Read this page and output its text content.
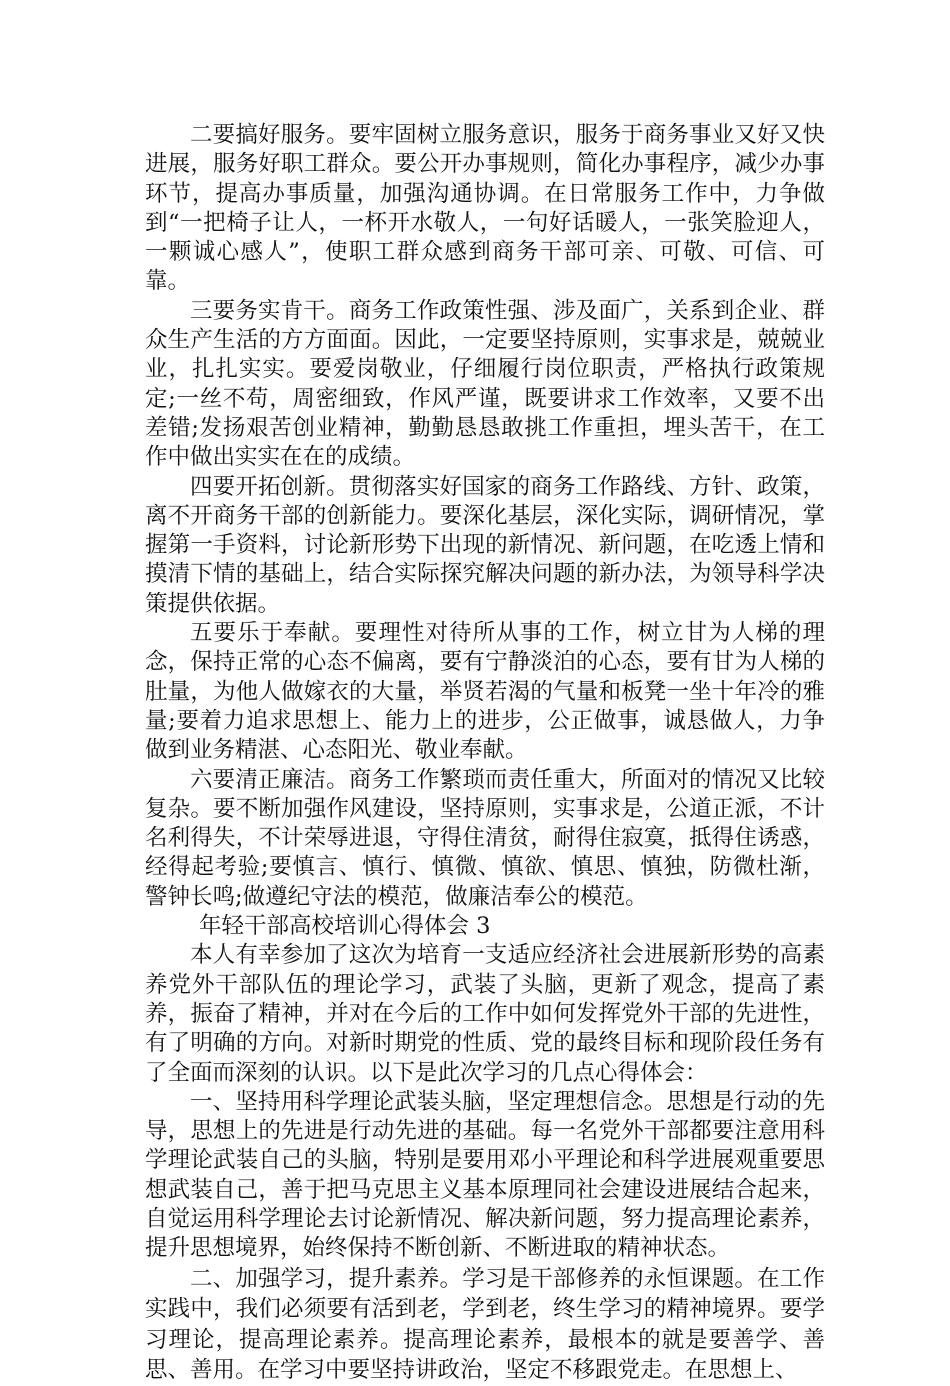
二要搞好服务。要牢固树立服务意识，服务于商务事业又好又快进展，服务好职工群众。要公开办事规则，简化办事程序，减少办事环节，提高办事质量，加强沟通协调。在日常服务工作中，力争做到“一把椅子让人，一杯开水敬人，一句好话暖人，一张笑脸迎人，一颗诚心感人”，使职工群众感到商务干部可亲、可敬、可信、可靠。

三要务实肯干。商务工作政策性强、涉及面广，关系到企业、群众生产生活的方方面面。因此，一定要坚持原则，实事求是，兢兢业业，扎扎实实。要爱岗敬业，仔细履行岗位职责，严格执行政策规定;一丝不苟，周密细致，作风严谨，既要讲求工作效率，又要不出差错;发扬艰苦创业精神，勤勤恳恳敢挑工作重担，埋头苦干，在工作中做出实实在在的成绩。

四要开拓创新。贯彻落实好国家的商务工作路线、方针、政策，离不开商务干部的创新能力。要深化基层，深化实际，调研情况，掌握第一手资料，讨论新形势下出现的新情况、新问题，在吃透上情和摸清下情的基础上，结合实际探究解决问题的新办法，为领导科学决策提供依据。

五要乐于奉献。要理性对待所从事的工作，树立甘为人梯的理念，保持正常的心态不偏离，要有宁静淡泊的心态，要有甘为人梯的肚量，为他人做嫁衣的大量，举贤若渴的气量和板凳一坐十年冷的雅量;要着力追求思想上、能力上的进步，公正做事，诚恳做人，力争做到业务精湛、心态阳光、敬业奉献。

六要清正廉洁。商务工作繁琐而责任重大，所面对的情况又比较复杂。要不断加强作风建设，坚持原则，实事求是，公道正派，不计名利得失，不计荣辱进退，守得住清贫，耐得住寂寞，抵得住诱惑，经得起考验;要慎言、慎行、慎微、慎欲、慎思、慎独，防微杜渐，警钟长鸣;做遵纪守法的模范，做廉洁奉公的模范。

年轻干部高校培训心得体会 3

本人有幸参加了这次为培育一支适应经济社会进展新形势的高素养党外干部队伍的理论学习，武装了头脑，更新了观念，提高了素养，振奋了精神，并对在今后的工作中如何发挥党外干部的先进性，有了明确的方向。对新时期党的性质、党的最终目标和现阶段任务有了全面而深刻的认识。以下是此次学习的几点心得体会：

一、坚持用科学理论武装头脑，坚定理想信念。思想是行动的先导，思想上的先进是行动先进的基础。每一名党外干部都要注意用科学理论武装自己的头脑，特别是要用邓小平理论和科学进展观重要思想武装自己，善于把马克思主义基本原理同社会建设进展结合起来，自觉运用科学理论去讨论新情况、解决新问题，努力提高理论素养，提升思想境界，始终保持不断创新、不断进取的精神状态。

二、加强学习，提升素养。学习是干部修养的永恒课题。在工作实践中，我们必须要有活到老，学到老，终生学习的精神境界。要学习理论，提高理论素养。提高理论素养，最根本的就是要善学、善思、善用。在学习中要坚持讲政治，坚定不移跟党走。在思想上、
